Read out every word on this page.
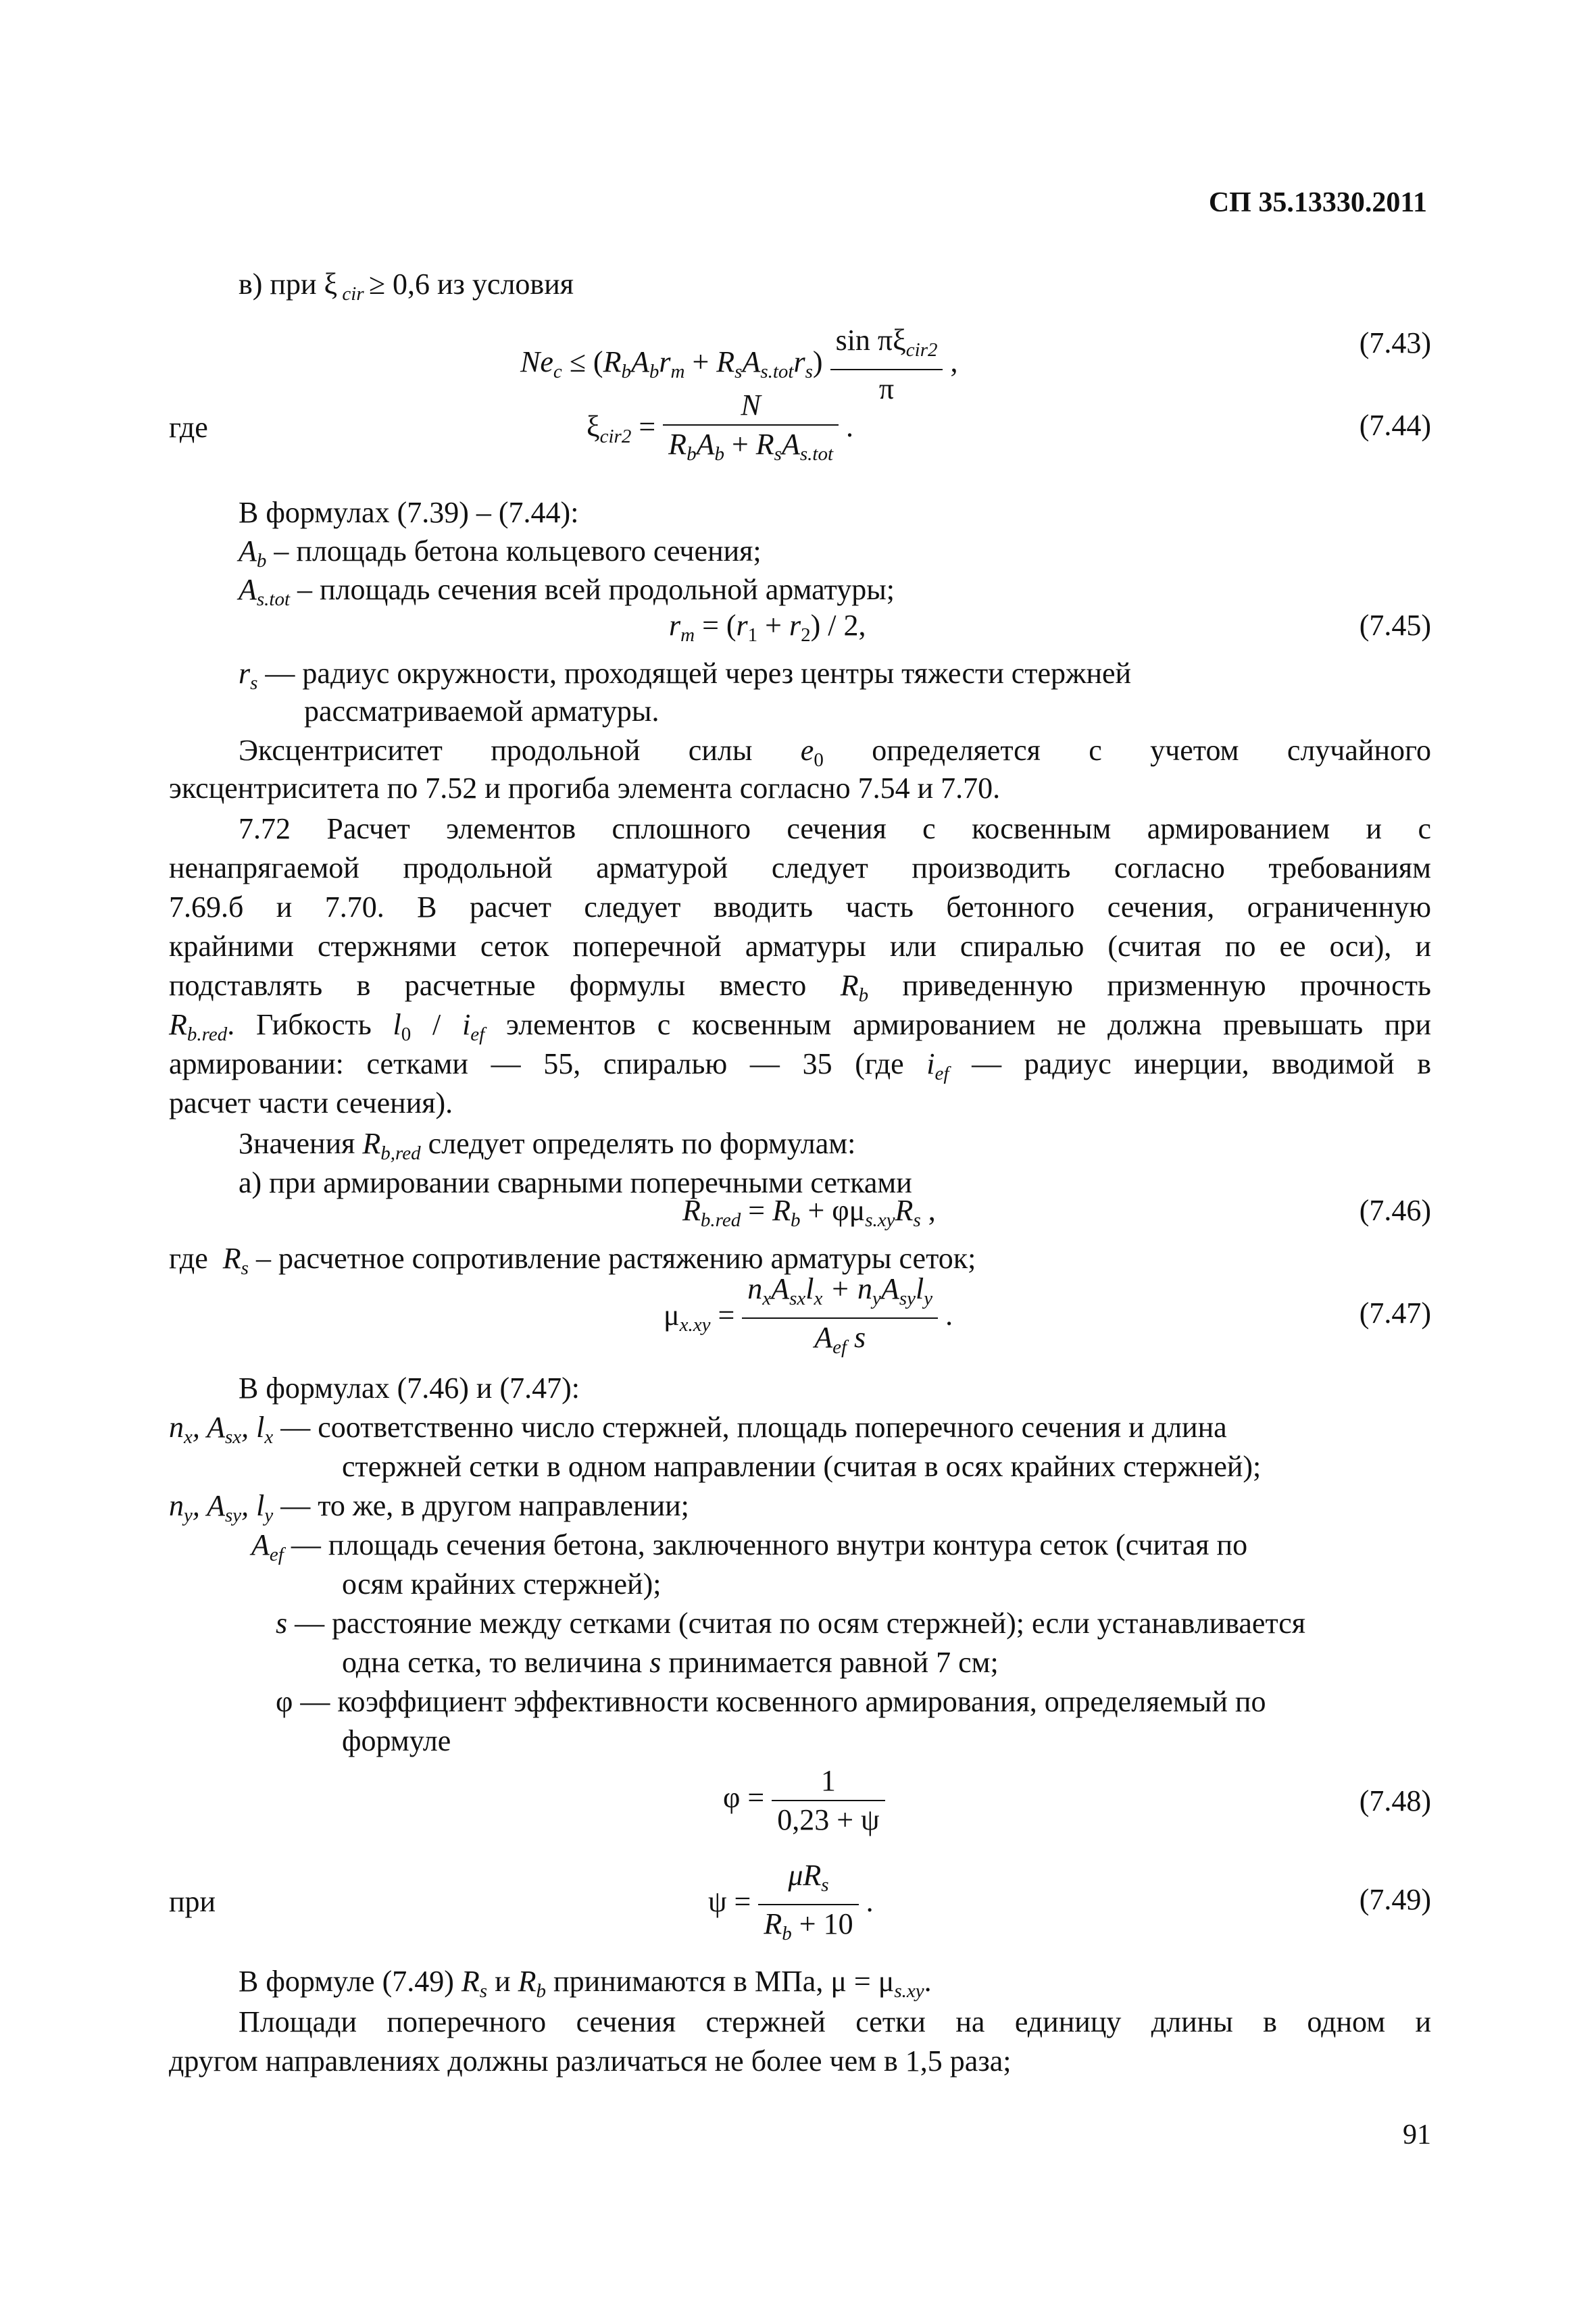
СП 35.13330.2011
в) при ξ $_{cir}$ ≥ 0,6 из условия
$Ne_c \le (R_bA_br_m + R_sA_{s.tot}r_s) \frac{\sin \pi\xi_{cir2}}{\pi}$ ,
(7.43)
где	$\xi_{cir2} = \frac{N}{R_bA_b + R_sA_{s.tot}}$ .	(7.44)
В формулах (7.39) – (7.44):
$A_b$ – площадь бетона кольцевого сечения;
$A_{s.tot}$ – площадь сечения всей продольной арматуры;
$r_m = (r_1 + r_2) / 2$,	(7.45)
$r_s$ — радиус окружности, проходящей через центры тяжести стержней
рассматриваемой арматуры.
Эксцентриситет продольной силы $e_0$ определяется с учетом случайного
эксцентриситета по 7.52 и прогиба элемента согласно 7.54 и 7.70.
7.72 Расчет элементов сплошного сечения с косвенным армированием и с
ненапрягаемой продольной арматурой следует производить согласно требованиям
7.69.б и 7.70. В расчет следует вводить часть бетонного сечения, ограниченную
крайними стержнями сеток поперечной арматуры или спиралью (считая по ее оси), и
подставлять в расчетные формулы вместо $R_b$ приведенную призменную прочность
$R_{b.red}$. Гибкость $l_0 / i_{ef}$ элементов с косвенным армированием не должна превышать при
армировании: сетками — 55, спиралью — 35 (где $i_{ef}$ — радиус инерции, вводимой в
расчет части сечения).
Значения $R_{b,red}$ следует определять по формулам:
а) при армировании сварными поперечными сетками
$R_{b.red} = R_b + \varphi\mu_{s.xy}R_s$ ,	(7.46)
где $R_s$ – расчетное сопротивление растяжению арматуры сеток;
$\mu_{x.xy} = \frac{n_xA_{sx}l_x + n_yA_{sy}l_y}{A_{ef} s}$ .	(7.47)
В формулах (7.46) и (7.47):
$n_x$, $A_{sx}$, $l_x$ — соответственно число стержней, площадь поперечного сечения и длина
стержней сетки в одном направлении (считая в осях крайних стержней);
$n_y$, $A_{sy}$, $l_y$ — то же, в другом направлении;
$A_{ef}$ — площадь сечения бетона, заключенного внутри контура сеток (считая по
осям крайних стержней);
s — расстояние между сетками (считая по осям стержней); если устанавливается
одна сетка, то величина s принимается равной 7 см;
φ — коэффициент эффективности косвенного армирования, определяемый по
формуле
$\varphi = \frac{1}{0,23 + \psi}$	(7.48)
при	$\psi = \frac{\mu R_s}{R_b + 10}$ .	(7.49)
В формуле (7.49) $R_s$ и $R_b$ принимаются в МПа, $\mu = \mu_{s.xy}$.
Площади поперечного сечения стержней сетки на единицу длины в одном и
другом направлениях должны различаться не более чем в 1,5 раза;
91
